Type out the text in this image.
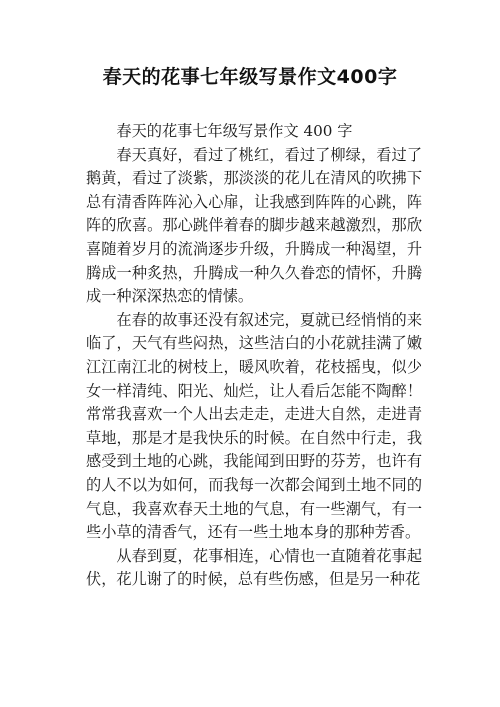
春天的花事七年级写景作文400字

春天的花事七年级写景作文 400 字

春天真好，看过了桃红，看过了柳绿，看过了鹅黄，看过了淡紫，那淡淡的花儿在清风的吹拂下总有清香阵阵沁入心扉，让我感到阵阵的心跳，阵阵的欣喜。那心跳伴着春的脚步越来越激烈，那欣喜随着岁月的流淌逐步升级，升腾成一种渴望，升腾成一种炙热，升腾成一种久久眷恋的情怀，升腾成一种深深热恋的情愫。

在春的故事还没有叙述完，夏就已经悄悄的来临了，天气有些闷热，这些洁白的小花就挂满了嫩江江南江北的树枝上，暖风吹着，花枝摇曳，似少女一样清纯、阳光、灿烂，让人看后怎能不陶醉！常常我喜欢一个人出去走走，走进大自然，走进青草地，那是才是我快乐的时候。在自然中行走，我感受到土地的心跳，我能闻到田野的芬芳，也许有的人不以为如何，而我每一次都会闻到土地不同的气息，我喜欢春天土地的气息，有一些潮气，有一些小草的清香气，还有一些土地本身的那种芳香。

从春到夏，花事相连，心情也一直随着花事起伏，花儿谢了的时候，总有些伤感，但是另一种花
